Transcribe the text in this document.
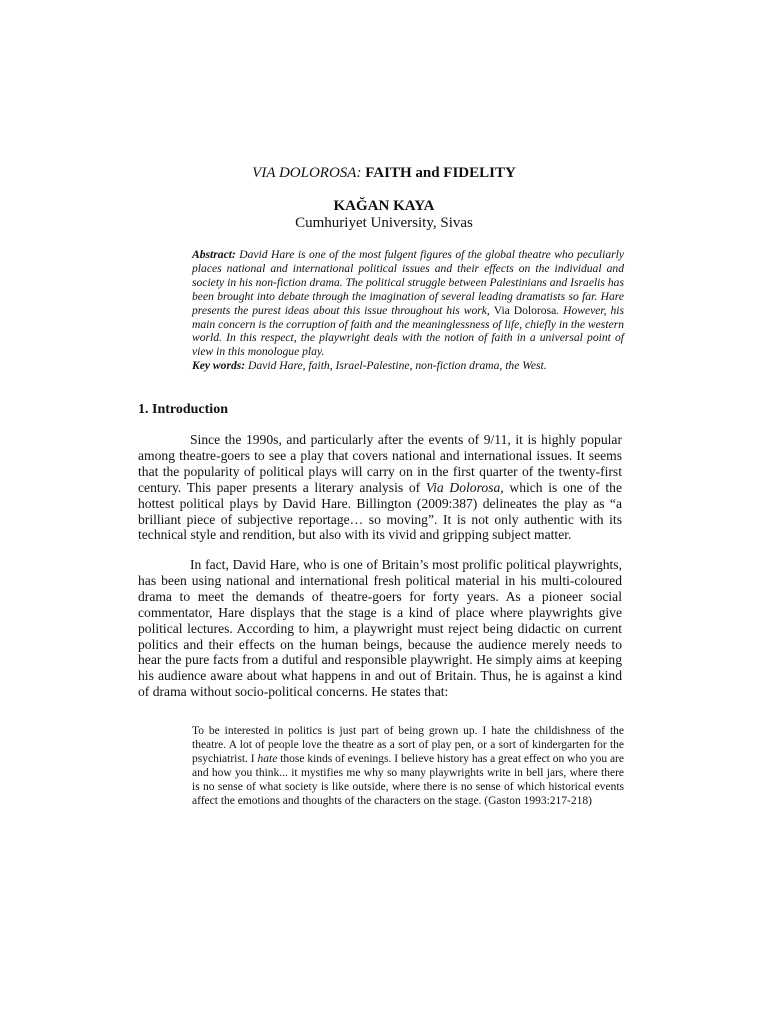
VIA DOLOROSA: FAITH and FIDELITY
KAĞAN KAYA
Cumhuriyet University, Sivas
Abstract: David Hare is one of the most fulgent figures of the global theatre who peculiarly places national and international political issues and their effects on the individual and society in his non-fiction drama. The political struggle between Palestinians and Israelis has been brought into debate through the imagination of several leading dramatists so far. Hare presents the purest ideas about this issue throughout his work, Via Dolorosa. However, his main concern is the corruption of faith and the meaninglessness of life, chiefly in the western world. In this respect, the playwright deals with the notion of faith in a universal point of view in this monologue play.
Key words: David Hare, faith, Israel-Palestine, non-fiction drama, the West.
1. Introduction

Since the 1990s, and particularly after the events of 9/11, it is highly popular among theatre-goers to see a play that covers national and international issues. It seems that the popularity of political plays will carry on in the first quarter of the twenty-first century. This paper presents a literary analysis of Via Dolorosa, which is one of the hottest political plays by David Hare. Billington (2009:387) delineates the play as “a brilliant piece of subjective reportage… so moving”. It is not only authentic with its technical style and rendition, but also with its vivid and gripping subject matter.

In fact, David Hare, who is one of Britain’s most prolific political playwrights, has been using national and international fresh political material in his multi-coloured drama to meet the demands of theatre-goers for forty years. As a pioneer social commentator, Hare displays that the stage is a kind of place where playwrights give political lectures. According to him, a playwright must reject being didactic on current politics and their effects on the human beings, because the audience merely needs to hear the pure facts from a dutiful and responsible playwright. He simply aims at keeping his audience aware about what happens in and out of Britain. Thus, he is against a kind of drama without socio-political concerns. He states that:

To be interested in politics is just part of being grown up. I hate the childishness of the theatre. A lot of people love the theatre as a sort of play pen, or a sort of kindergarten for the psychiatrist. I hate those kinds of evenings. I believe history has a great effect on who you are and how you think... it mystifies me why so many playwrights write in bell jars, where there is no sense of what society is like outside, where there is no sense of which historical events affect the emotions and thoughts of the characters on the stage. (Gaston 1993:217-218)
